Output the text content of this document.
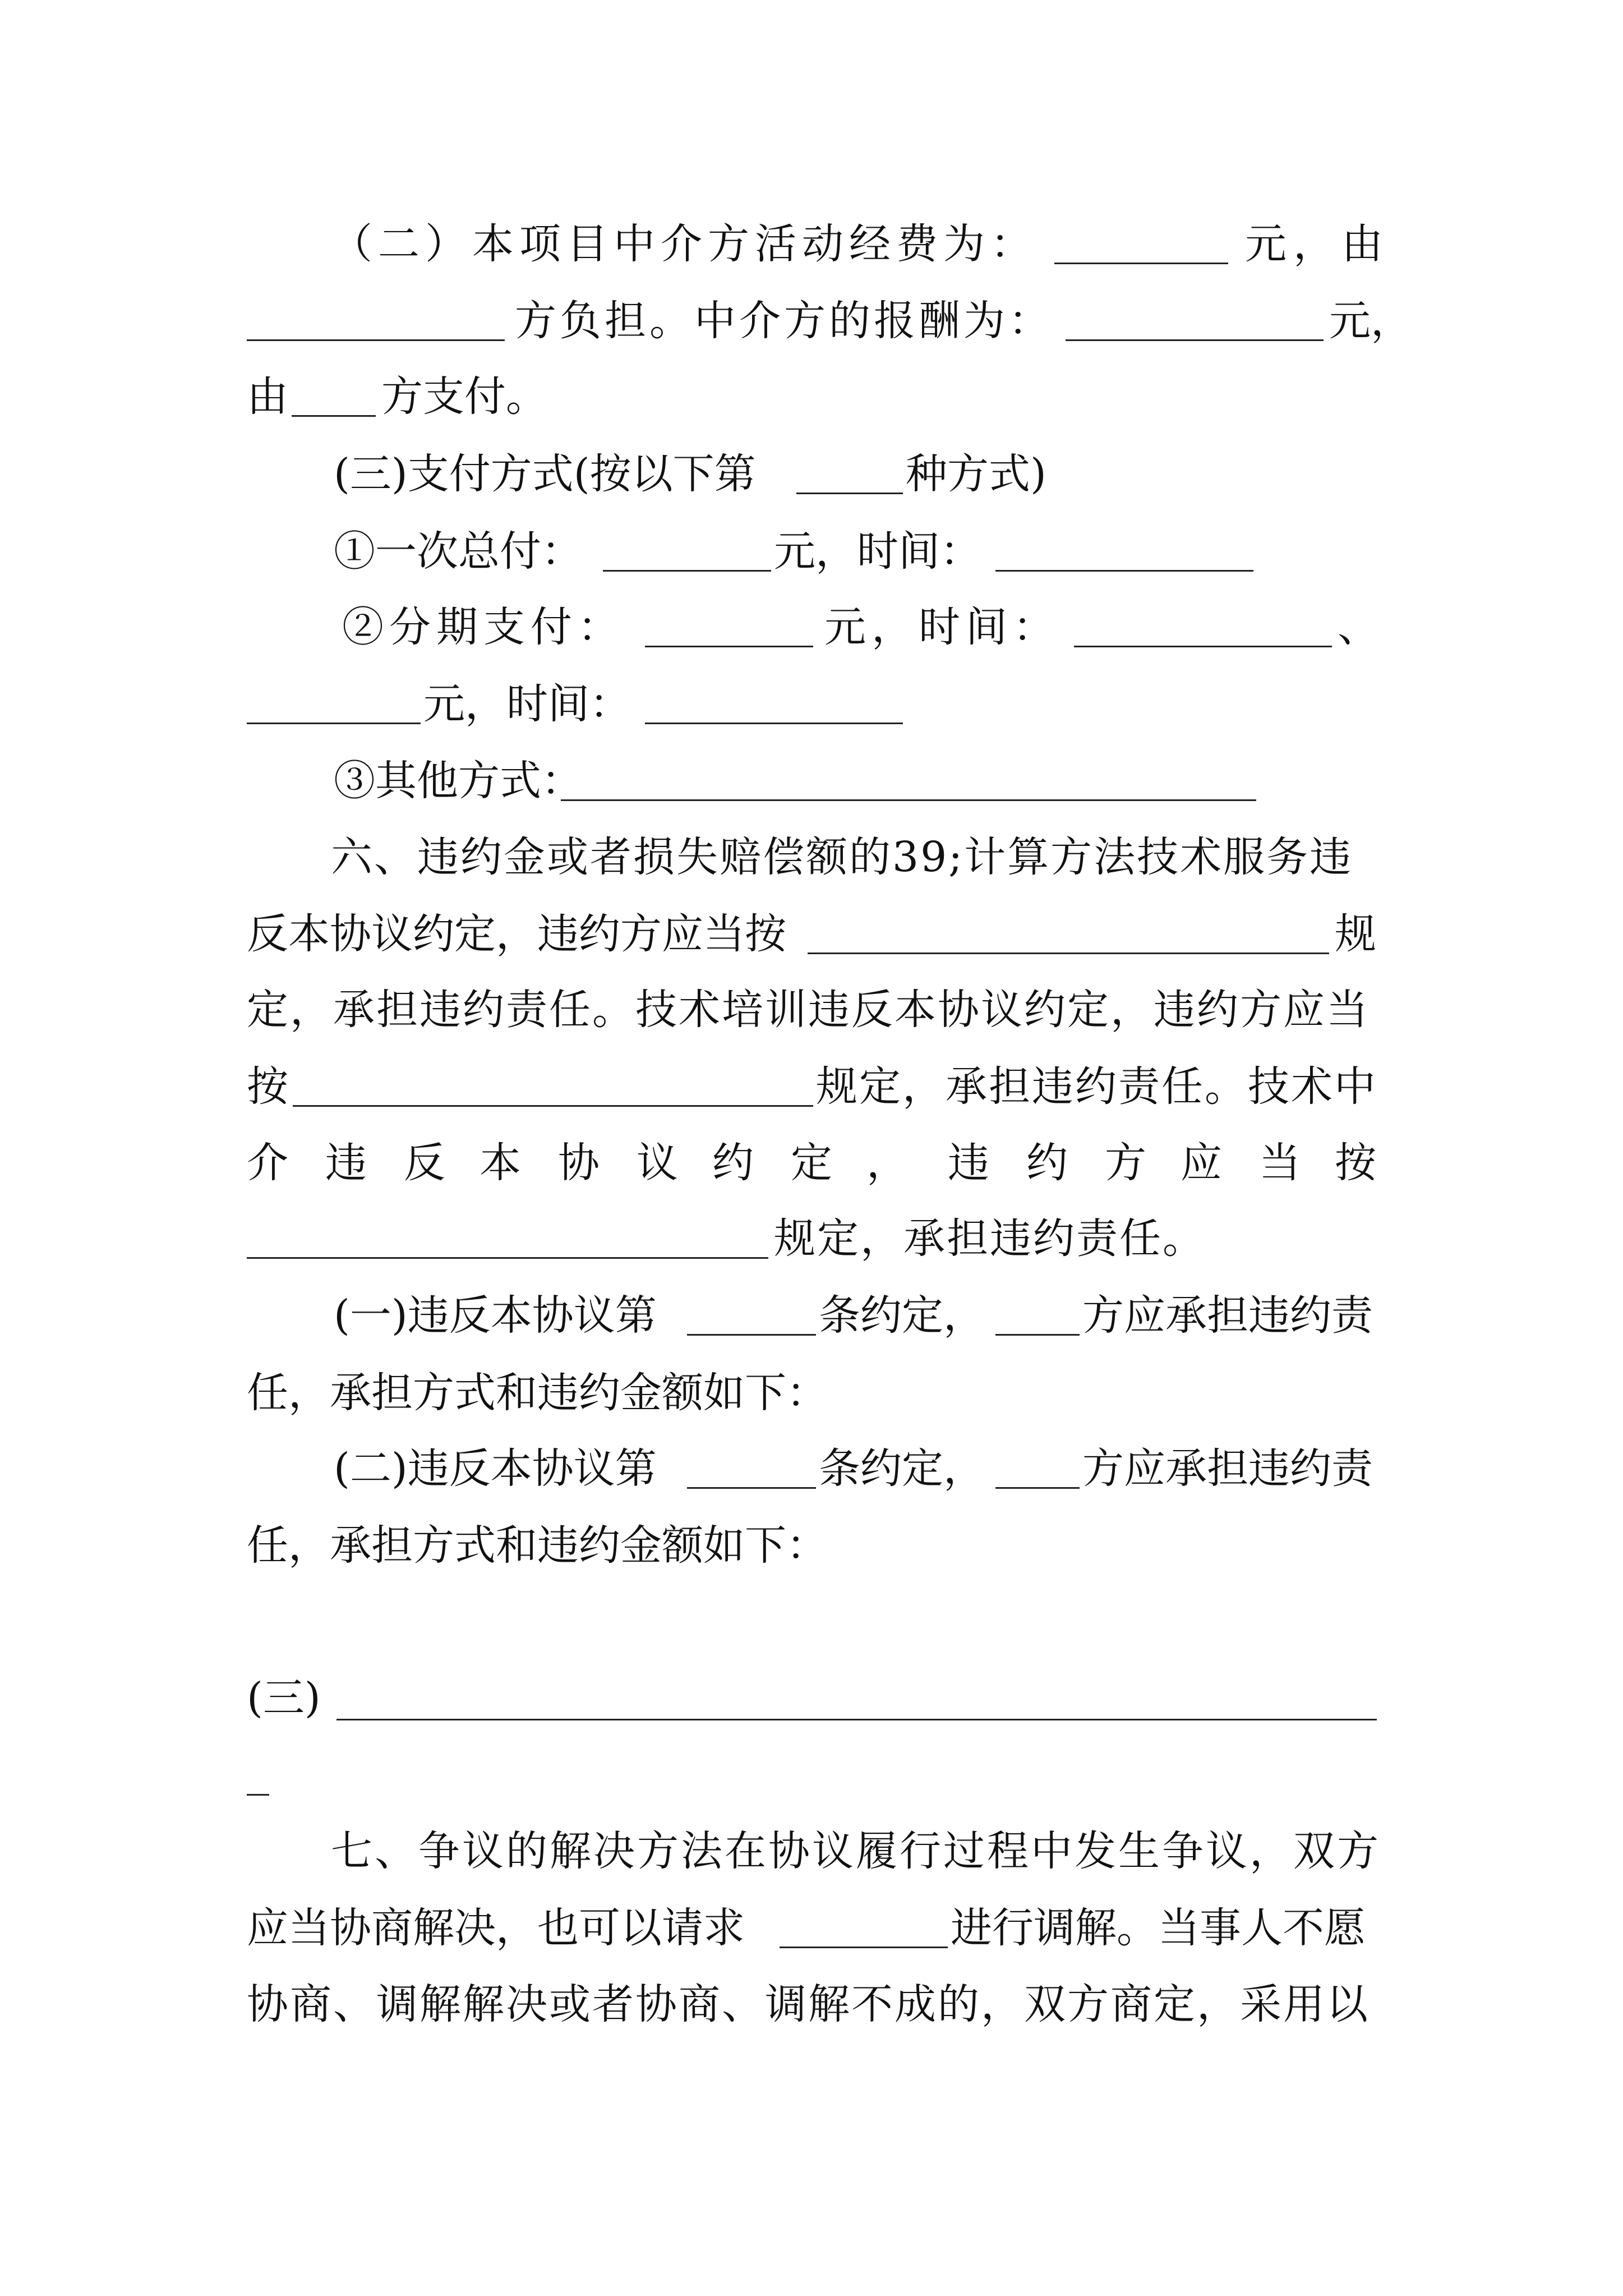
（二）本项目中介方活动经费为：	元，由
方负担。中介方的报酬为：	元，
由 方支付。
(三)支付方式(按以下第	种方式)
①一次总付：	元，时间：
②分期支付：	元，时间：	、
元，时间：
③其他方式：
六、违约金或者损失赔偿额的39;计算方法技术服务违
反本协议约定，违约方应当按	规
定，承担违约责任。技术培训违反本协议约定，违约方应当
按	规定，承担违约责任。技术中
介 违 反 本 协 议 约 定 ， 违 约 方 应 当 按
规定，承担违约责任。
(一)违反本协议第	条约定， 方应承担违约责
任，承担方式和违约金额如下：
(二)违反本协议第	条约定， 方应承担违约责
任，承担方式和违约金额如下：
(三)
七、争议的解决方法在协议履行过程中发生争议，双方
应当协商解决，也可以请求	进行调解。当事人不愿
协商、调解解决或者协商、调解不成的，双方商定，采用以
